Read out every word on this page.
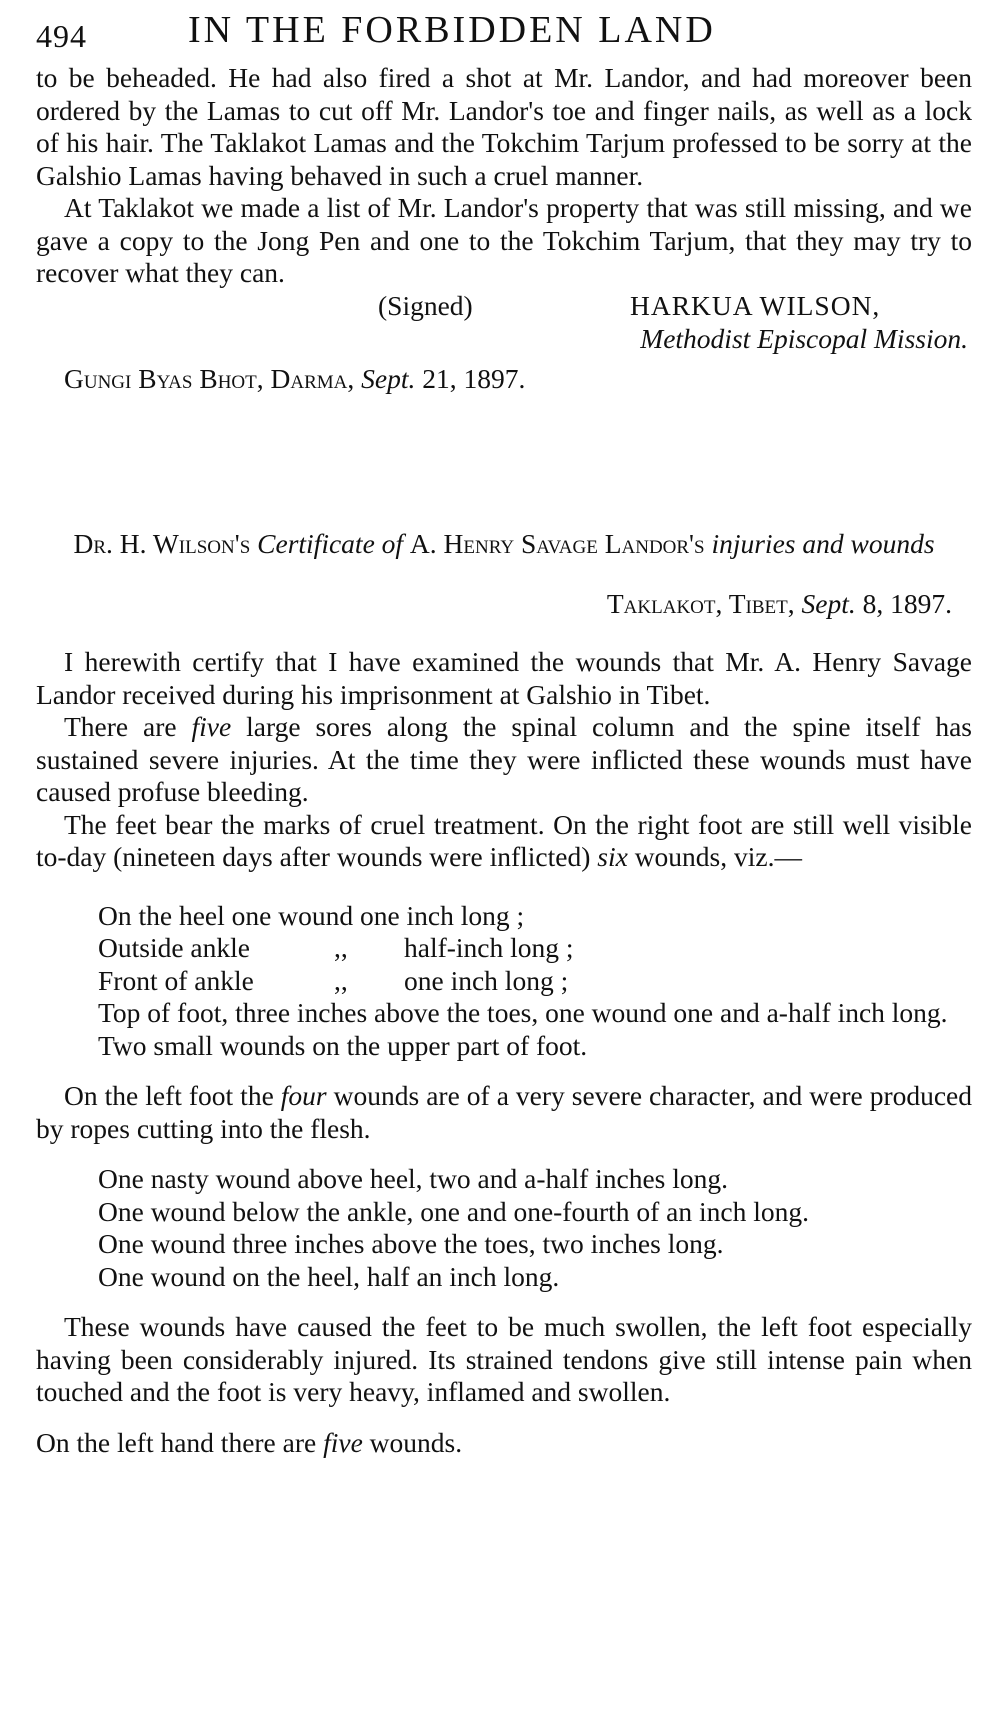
494	IN THE FORBIDDEN LAND

to be beheaded. He had also fired a shot at Mr. Landor, and had moreover been ordered by the Lamas to cut off Mr. Landor's toe and finger nails, as well as a lock of his hair. The Taklakot Lamas and the Tokchim Tarjum professed to be sorry at the Galshio Lamas having behaved in such a cruel manner.

At Taklakot we made a list of Mr. Landor's property that was still missing, and we gave a copy to the Jong Pen and one to the Tokchim Tarjum, that they may try to recover what they can.

(Signed)	HARKUA WILSON,
Methodist Episcopal Mission.
Gungi Byas Bhot, Darma, Sept. 21, 1897.
Dr. H. Wilson's Certificate of A. Henry Savage Landor's injuries and wounds
Taklakot, Tibet, Sept. 8, 1897.

I herewith certify that I have examined the wounds that Mr. A. Henry Savage Landor received during his imprisonment at Galshio in Tibet.

There are five large sores along the spinal column and the spine itself has sustained severe injuries. At the time they were inflicted these wounds must have caused profuse bleeding.

The feet bear the marks of cruel treatment. On the right foot are still well visible to-day (nineteen days after wounds were inflicted) six wounds, viz.—

On the heel one wound one inch long ;
Outside ankle	,, half-inch long ;
Front of ankle	,, one inch long ;
Top of foot, three inches above the toes, one wound one and a-half inch long.
Two small wounds on the upper part of foot.

On the left foot the four wounds are of a very severe character, and were produced by ropes cutting into the flesh.

One nasty wound above heel, two and a-half inches long.
One wound below the ankle, one and one-fourth of an inch long.
One wound three inches above the toes, two inches long.
One wound on the heel, half an inch long.

These wounds have caused the feet to be much swollen, the left foot especially having been considerably injured. Its strained tendons give still intense pain when touched and the foot is very heavy, inflamed and swollen.

On the left hand there are five wounds.
